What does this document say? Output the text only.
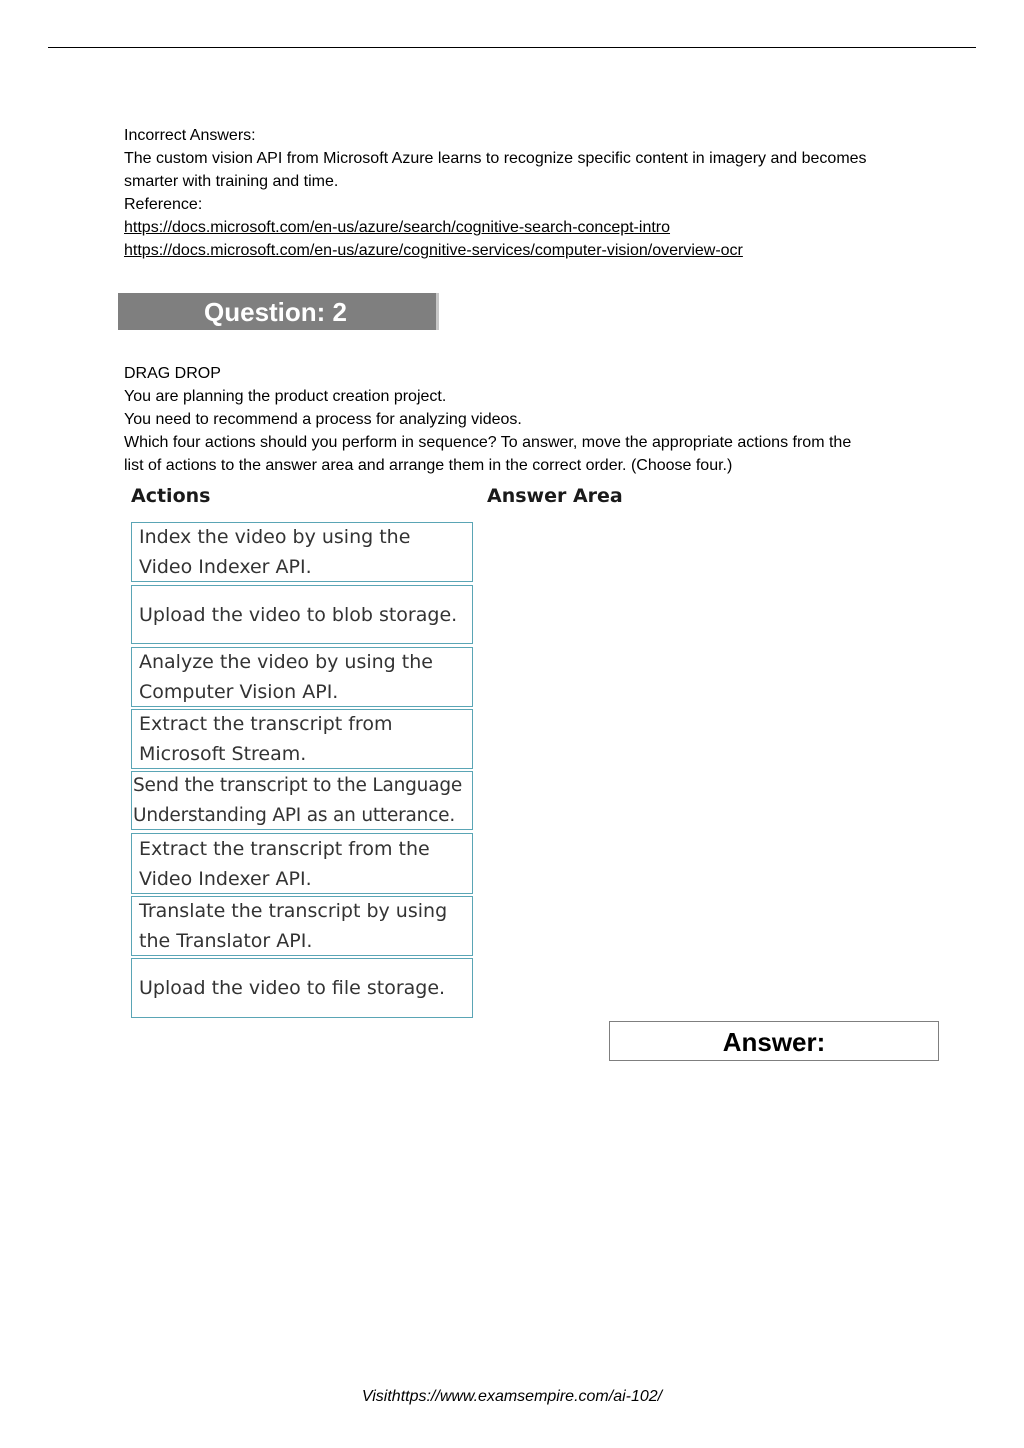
Incorrect Answers:
The custom vision API from Microsoft Azure learns to recognize specific content in imagery and becomes
smarter with training and time.
Reference:
https://docs.microsoft.com/en-us/azure/search/cognitive-search-concept-intro
https://docs.microsoft.com/en-us/azure/cognitive-services/computer-vision/overview-ocr
Question: 2
DRAG DROP
You are planning the product creation project.
You need to recommend a process for analyzing videos.
Which four actions should you perform in sequence? To answer, move the appropriate actions from the
list of actions to the answer area and arrange them in the correct order. (Choose four.)
Actions	Answer Area
Index the video by using the Video Indexer API.
Upload the video to blob storage.
Analyze the video by using the Computer Vision API.
Extract the transcript from Microsoft Stream.
Send the transcript to the Language Understanding API as an utterance.
Extract the transcript from the Video Indexer API.
Translate the transcript by using the Translator API.
Upload the video to file storage.
Answer:
Visithttps://www.examsempire.com/ai-102/
